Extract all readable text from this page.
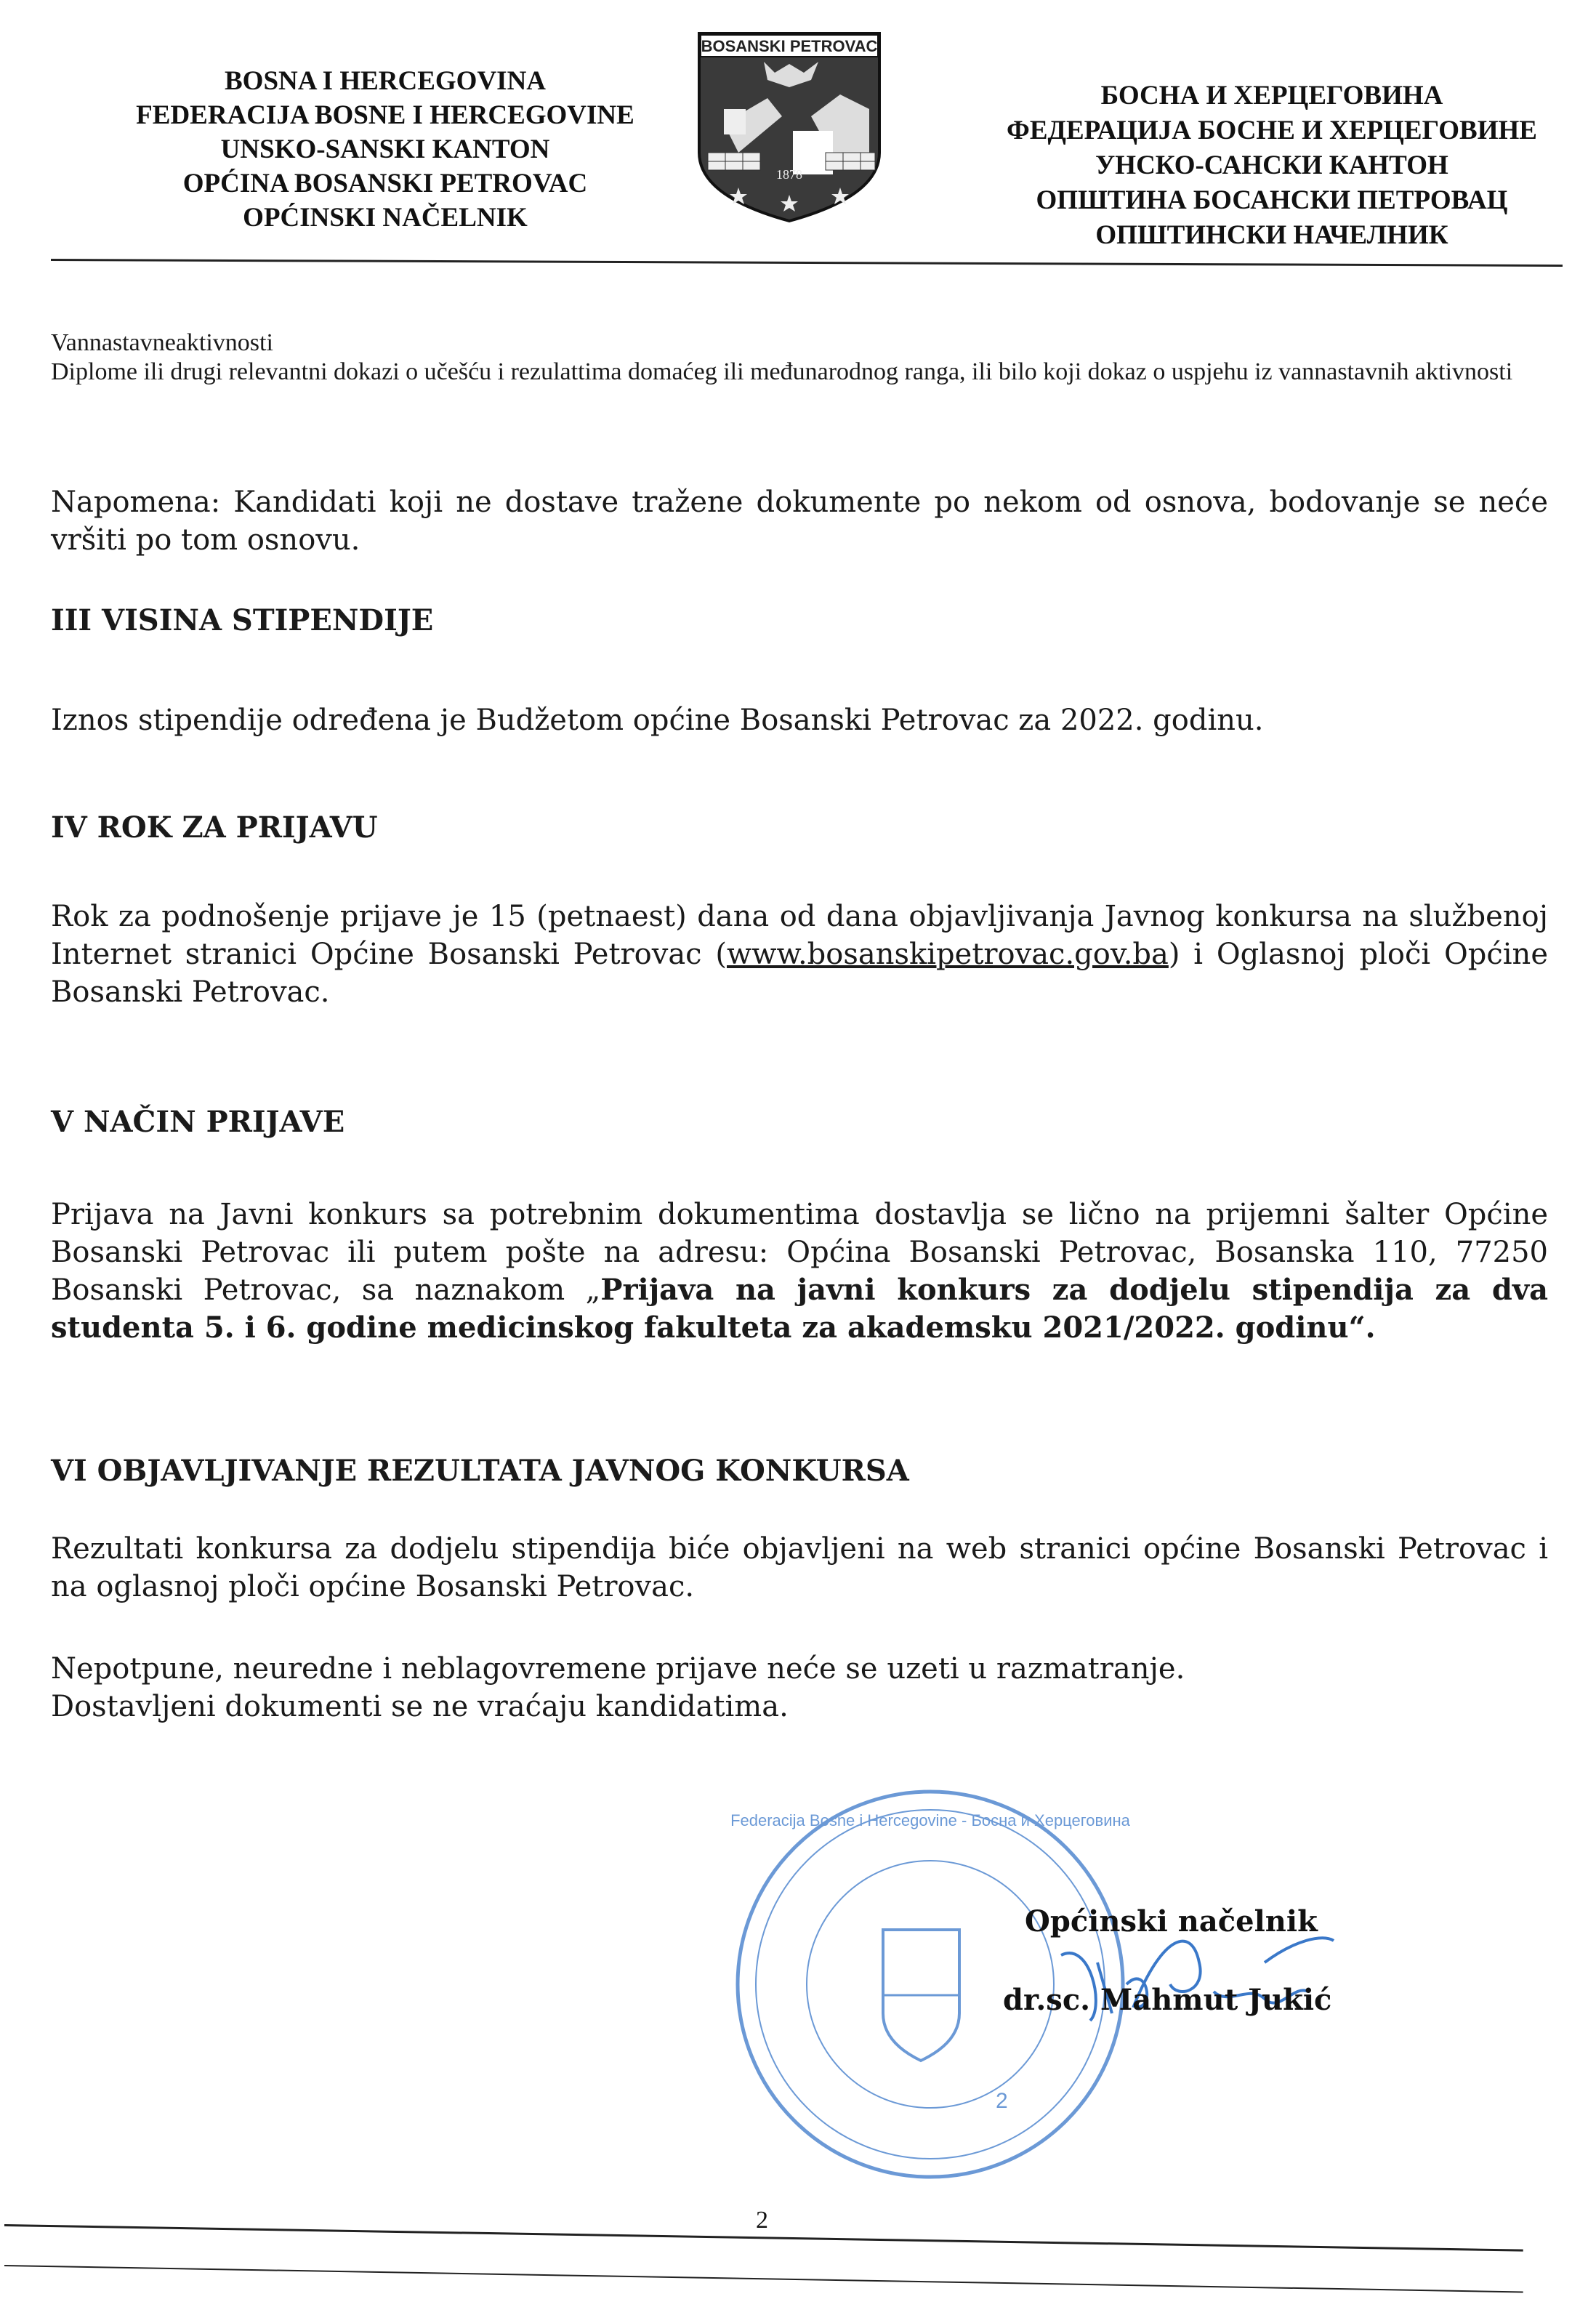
BOSNA I HERCEGOVINA
FEDERACIJA BOSNE I HERCEGOVINE
UNSKO-SANSKI KANTON
OPĆINA BOSANSKI PETROVAC
OPĆINSKI NAČELNIK
BOSANSKI PETROVAC
1878
БОСНА И ХЕРЦЕГОВИНА
ФЕДЕРАЦИЈА БОСНЕ И ХЕРЦЕГОВИНЕ
УНСКО-САНСКИ КАНТОН
ОПШТИНА БОСАНСКИ ПЕТРОВАЦ
ОПШТИНСКИ НАЧЕЛНИК
Vannastavneaktivnosti
Diplome ili drugi relevantni dokazi o učešću i rezulattima domaćeg ili međunarodnog ranga, ili bilo koji dokaz o uspjehu iz vannastavnih aktivnosti
Napomena: Kandidati koji ne dostave tražene dokumente po nekom od osnova, bodovanje se neće vršiti po tom osnovu.
III VISINA STIPENDIJE
Iznos stipendije određena je Budžetom općine Bosanski Petrovac za 2022. godinu.
IV ROK ZA PRIJAVU
Rok za podnošenje prijave je 15 (petnaest) dana od dana objavljivanja Javnog konkursa na službenoj Internet stranici Općine Bosanski Petrovac (www.bosanskipetrovac.gov.ba) i Oglasnoj ploči Općine Bosanski Petrovac.
V NAČIN PRIJAVE
Prijava na Javni konkurs sa potrebnim dokumentima dostavlja se lično na prijemni šalter Općine Bosanski Petrovac ili putem pošte na adresu: Općina Bosanski Petrovac, Bosanska 110, 77250 Bosanski Petrovac, sa naznakom „Prijava na javni konkurs za dodjelu stipendija za dva studenta 5. i 6. godine medicinskog fakulteta za akademsku 2021/2022. godinu“.
VI OBJAVLJIVANJE REZULTATA JAVNOG KONKURSA
Rezultati konkursa za dodjelu stipendija biće objavljeni na web stranici općine Bosanski Petrovac i na oglasnoj ploči općine Bosanski Petrovac.
Nepotpune, neuredne i neblagovremene prijave neće se uzeti u razmatranje.
Dostavljeni dokumenti se ne vraćaju kandidatima.
Federacija Bosne i Hercegovine - Босна и Херцеговина
2
Općinski načelnik
dr.sc. Mahmut Jukić
2
